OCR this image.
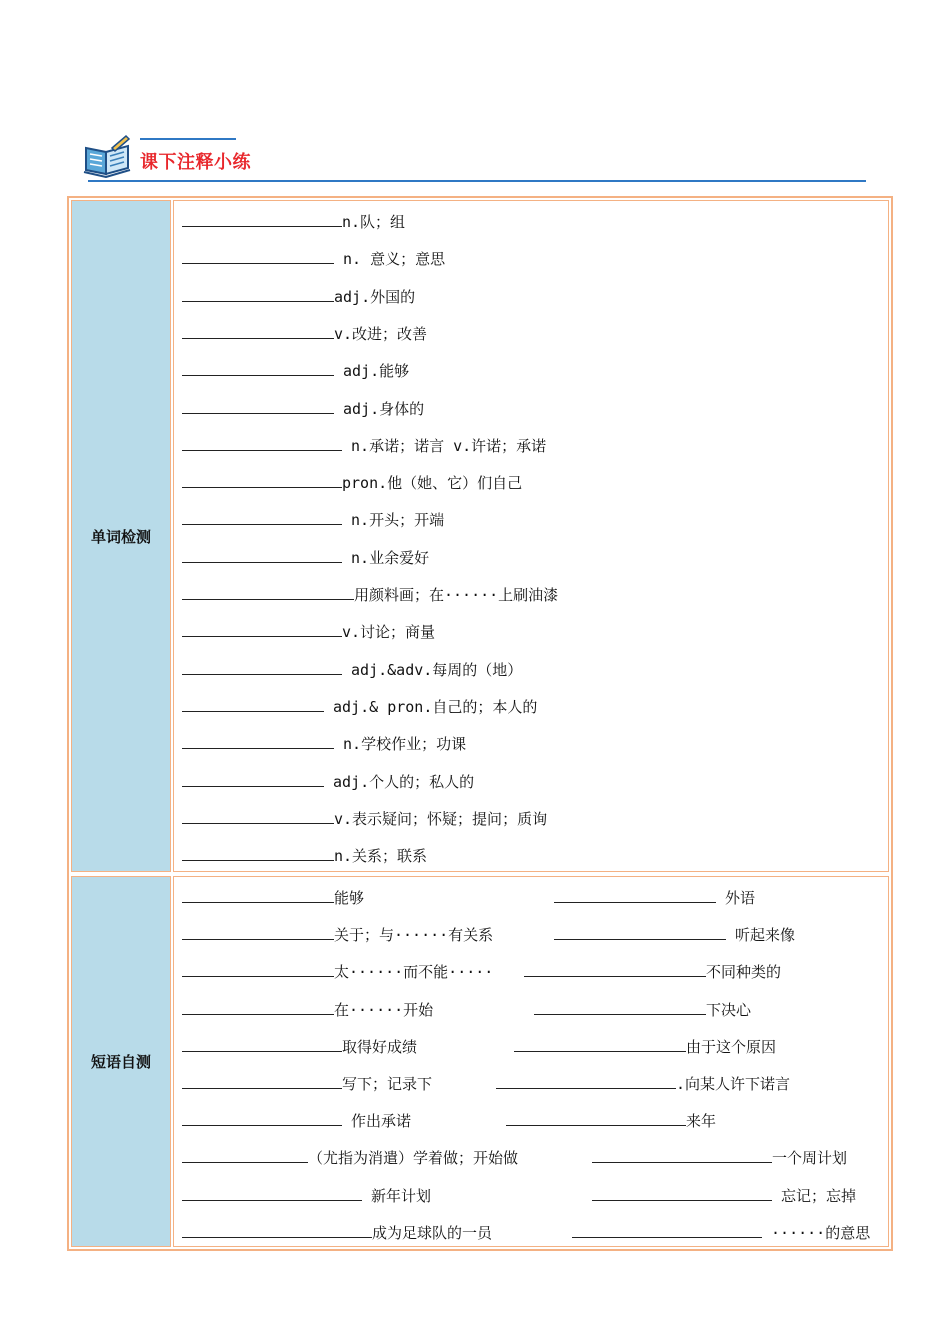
课下注释小练
单词检测
n.队；组
n. 意义；意思
adj.外国的
v.改进；改善
adj.能够
adj.身体的
n.承诺；诺言 v.许诺；承诺
pron.他（她、它）们自己
n.开头；开端
n.业余爱好
用颜料画；在······上刷油漆
v.讨论；商量
adj.&adv.每周的（地）
adj.& pron.自己的；本人的
n.学校作业；功课
adj.个人的；私人的
v.表示疑问；怀疑；提问；质询
n.关系；联系
短语自测
能够	外语
关于；与······有关系	听起来像
太······而不能·····	不同种类的
在······开始	下决心
取得好成绩	由于这个原因
写下；记录下	.向某人许下诺言
作出承诺	来年
（尤指为消遣）学着做；开始做	一个周计划
新年计划	忘记；忘掉
成为足球队的一员	······的意思
